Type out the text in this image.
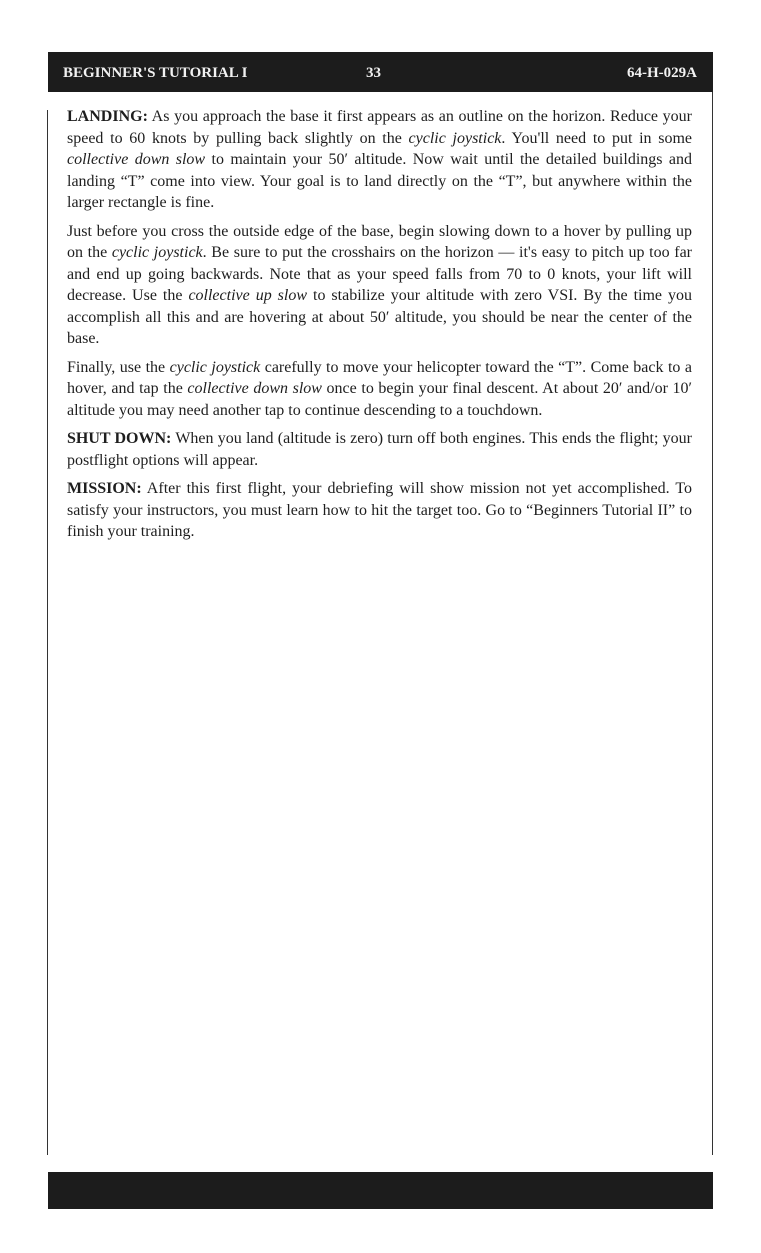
BEGINNER'S TUTORIAL I	33	64-H-029A

LANDING: As you approach the base it first appears as an outline on the horizon. Reduce your speed to 60 knots by pulling back slightly on the cyclic joystick. You'll need to put in some collective down slow to maintain your 50′ altitude. Now wait until the detailed buildings and landing “T” come into view. Your goal is to land directly on the “T”, but anywhere within the larger rectangle is fine.

Just before you cross the outside edge of the base, begin slowing down to a hover by pulling up on the cyclic joystick. Be sure to put the crosshairs on the horizon — it's easy to pitch up too far and end up going backwards. Note that as your speed falls from 70 to 0 knots, your lift will decrease. Use the collective up slow to stabilize your altitude with zero VSI. By the time you accomplish all this and are hovering at about 50′ altitude, you should be near the center of the base.

Finally, use the cyclic joystick carefully to move your helicopter toward the “T”. Come back to a hover, and tap the collective down slow once to begin your final descent. At about 20′ and/or 10′ altitude you may need another tap to continue descending to a touchdown.

SHUT DOWN: When you land (altitude is zero) turn off both engines. This ends the flight; your postflight options will appear.

MISSION: After this first flight, your debriefing will show mission not yet accomplished. To satisfy your instructors, you must learn how to hit the target too. Go to “Beginners Tutorial II” to finish your training.
